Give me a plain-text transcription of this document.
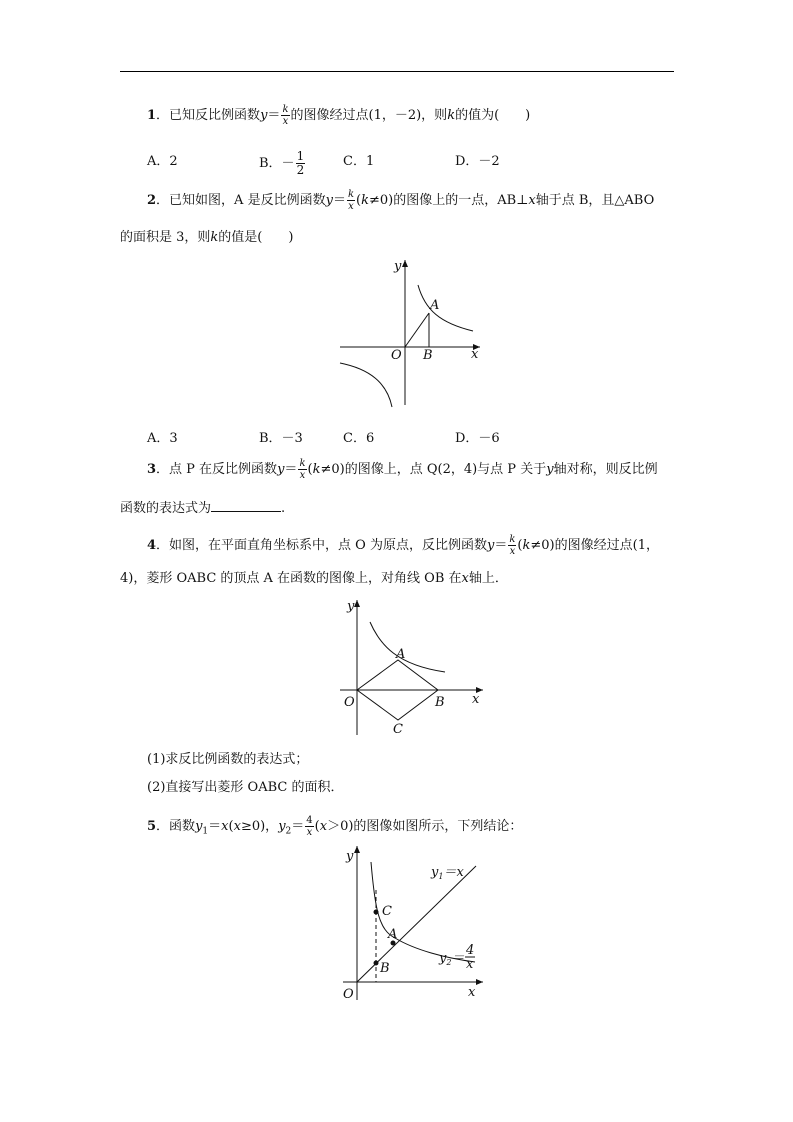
1．已知反比例函数$y= \frac{k}{x}$ 的图像经过点(1，－2)，则k的值为(　　)
A．2	B．－ $\frac{1}{2}$	C．1	D．－2
2．已知如图，A 是反比例函数$y= \frac{k}{x} (k\ne 0)$的图像上的一点，AB⊥x轴于点 B，且△ABO
的面积是 3，则k的值是(　　)
y
x
O
A
B
A．3	B．－3	C．6	D．－6
3．点 P 在反比例函数$y= \frac{k}{x} (k\ne 0)$的图像上，点 Q(2，4)与点 P 关于y轴对称，则反比例
函数的表达式为	.
4．如图，在平面直角坐标系中，点 O 为原点，反比例函数$y= \frac{k}{x} (k\ne 0)$的图像经过点(1，
4)，菱形 OABC 的顶点 A 在函数的图像上，对角线 OB 在x轴上．
y
x
O
A
B
C
(1)求反比例函数的表达式；
(2)直接写出菱形 OABC 的面积．
5．函数$y_1=x(x\ge 0)$，$y_2= \frac{4}{x} (x>0)$的图像如图所示，下列结论：
y
x
O
A
B
C
$y_1=x$
$y_2=$
4
x
